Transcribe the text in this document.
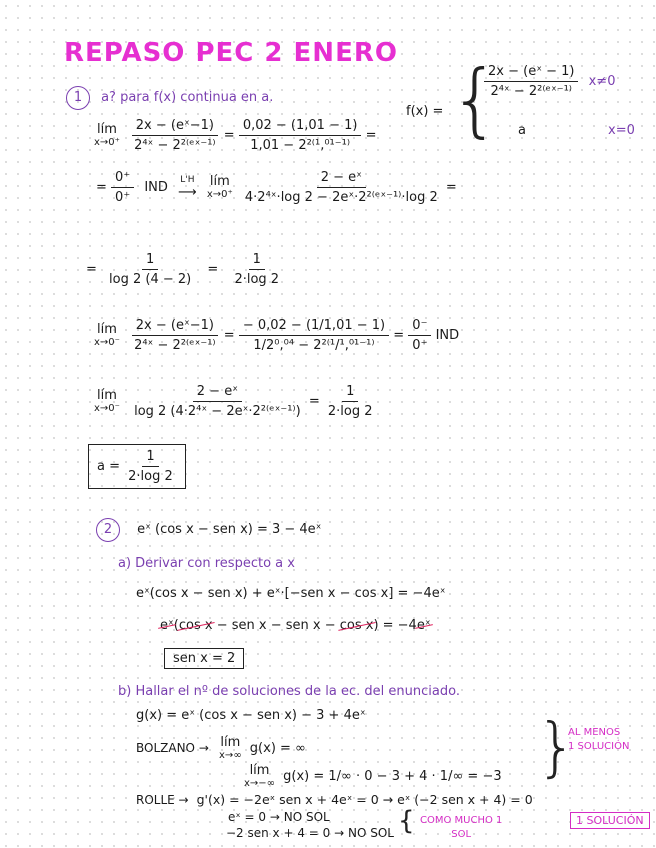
REPASO PEC 2 ENERO
1 a? para f(x) continua en a.
f(x) = {
$\frac{\text{2x − (eˣ − 1)}}{\text{2⁴ˣ − 2²⁽ᵉˣ⁻¹⁾}} x\ne 0$
a	x=0
lím
x→0⁺
$\frac{\text{2x − (eˣ−1)}}{\text{2⁴ˣ − 2²⁽ᵉˣ⁻¹⁾}} = \frac{0,02 - (1,01 - 1)}{\text{1,01 − 2²⁽¹,⁰¹⁻¹⁾}}$ =
= $\frac{0^+}{0^+}$ IND L'H
⟶

lím
x→0⁺
$\frac{\text{2 − eˣ}}{\text{4·2⁴ˣ·log 2 − 2eˣ·2²⁽ᵉˣ⁻¹⁾·log 2}}$ =
= $\frac{1}{\log 2 (4 - 2)} = \frac{1}{2\cdot\log 2}$
lím
x→0⁻
$\frac{\text{2x − (eˣ−1)}}{\text{2⁴ˣ − 2²⁽ᵉˣ⁻¹⁾}} = \frac{- 0,02 - (1/1,01 - 1)}{\text{1/2⁰,⁰⁴ − 2²⁽¹/¹,⁰¹⁻¹⁾}} = \frac{0^-}{0^+}$ IND
lím
x→0⁻
$\frac{\text{2 − eˣ}}{\text{log 2 (4·2⁴ˣ − 2eˣ·2²⁽ᵉˣ⁻¹⁾)}} = \frac{1}{2\cdot\log 2}$
$a = \frac{1}{2\cdot\log 2}$
2 eˣ (cos x − sen x) = 3 − 4eˣ
a) Derivar con respecto a x
eˣ(cos x − sen x) + eˣ·[−sen x − cos x] = −4eˣ
eˣ(cos x − sen x − sen x − cos x) = −4eˣ
sen x = 2
b) Hallar el nº de soluciones de la ec. del enunciado.
g(x) = eˣ (cos x − sen x) − 3 + 4eˣ
BOLZANO → lím
x→∞ g(x) = ∞
lím
x→−∞ g(x) = 1/∞ · 0 − 3 + 4 · 1/∞ = −3 {
AL MENOS
1 SOLUCIÓN
ROLLE → g'(x) = −2eˣ sen x + 4eˣ = 0 → eˣ (−2 sen x + 4) = 0
eˣ = 0 → NO SOL
−2 sen x + 4 = 0 → NO SOL { COMO MUCHO 1
SOL
1 SOLUCIÓN
